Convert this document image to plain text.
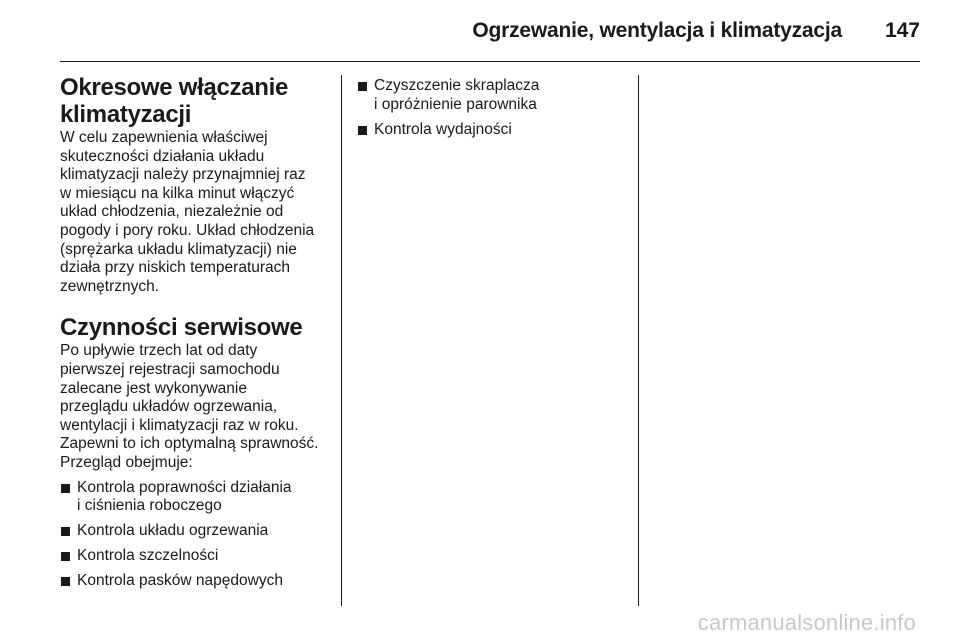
Ogrzewanie, wentylacja i klimatyzacja 147
Okresowe włączanie
klimatyzacji

W celu zapewnienia właściwej
skuteczności działania układu
klimatyzacji należy przynajmniej raz
w miesiącu na kilka minut włączyć
układ chłodzenia, niezależnie od
pogody i pory roku. Układ chłodzenia
(sprężarka układu klimatyzacji) nie
działa przy niskich temperaturach
zewnętrznych.

Czynności serwisowe

Po upływie trzech lat od daty
pierwszej rejestracji samochodu
zalecane jest wykonywanie
przeglądu układów ogrzewania,
wentylacji i klimatyzacji raz w roku.
Zapewni to ich optymalną sprawność.
Przegląd obejmuje:

Kontrola poprawności działania
i ciśnienia roboczego
Kontrola układu ogrzewania
Kontrola szczelności
Kontrola pasków napędowych
Czyszczenie skraplacza
i opróżnienie parownika
Kontrola wydajności
carmanualsonline.info
